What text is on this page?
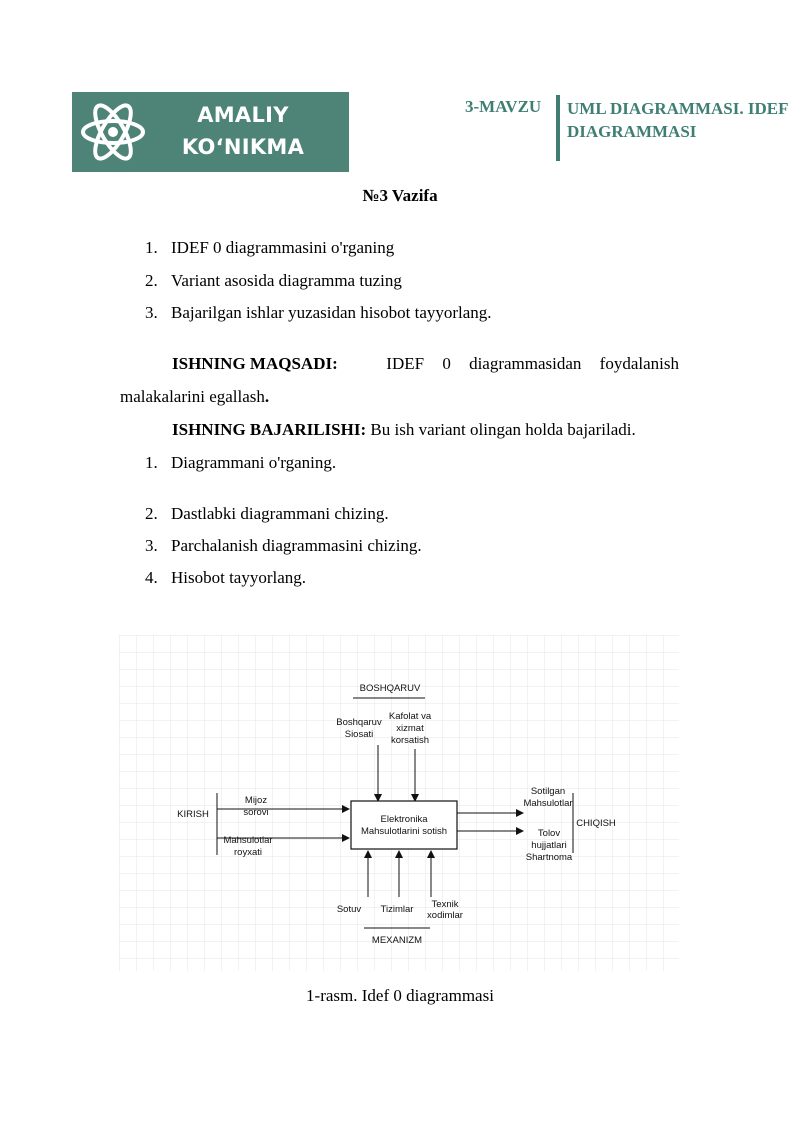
AMALIY
KO‘NIKMA
3-MAVZU UML DIAGRAMMASI. IDEF
DIAGRAMMASI
№3 Vazifa
1. IDEF 0 diagrammasini o'rganing
2. Variant asosida diagramma tuzing
3. Bajarilgan ishlar yuzasidan hisobot tayyorlang.
ISHNING MAQSADI:	IDEF 0 diagrammasidan foydalanish
malakalarini egallash.
ISHNING BAJARILISHI: Bu ish variant olingan holda bajariladi.
1. Diagrammani o'rganing.
2. Dastlabki diagrammani chizing.
3. Parchalanish diagrammasini chizing.
4. Hisobot tayyorlang.
BOSHQARUV
Boshqaruv
Siosati
Kafolat va
xizmat
korsatish
KIRISH
Mijoz
sorovi
Mahsulotlar
royxati
Elektronika
Mahsulotlarini sotish
Sotilgan
Mahsulotlar
Tolov
hujjatlari
Shartnoma
CHIQISH
Sotuv Tizimlar Texnik
xodimlar
MEXANIZM
1-rasm. Idef 0 diagrammasi
